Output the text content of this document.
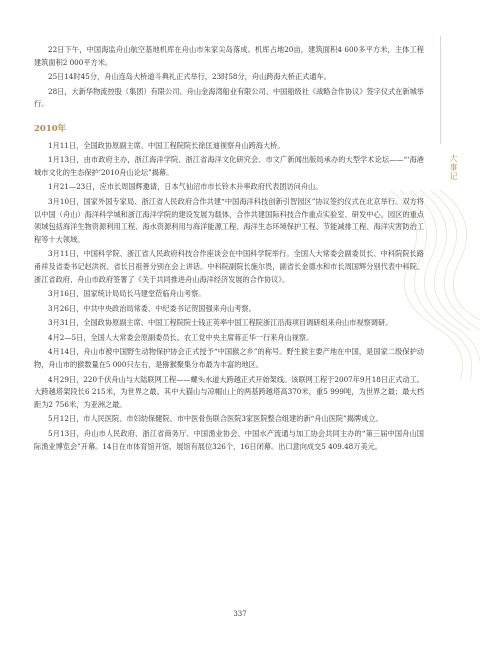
大事记

22日下午，中国海监舟山航空基地机库在舟山市朱家尖岛落成。机库占地20亩，建筑面积4 600多平方米，主体工程建筑面积2 000平方米。

25日14时45分，舟山连岛大桥道斗典礼正式举行，23时58分，舟山跨海大桥正式通车。

28日，大新华物流控股（集团）有限公司、舟山金海湾船业有限公司、中国船级社《战略合作协议》签字仪式在新城举行。

2010年

1月11日，全国政协原副主席、中国工程院院长徐匡迪视察舟山跨海大桥。

1月13日，由市政府主办，浙江海洋学院、浙江省海洋文化研究会、市文广新闻出版局承办的大型学术论坛——“‘海港城市文化的生态保护’2010舟山论坛”揭幕。

1月21—23日，应市长周国辉邀请，日本气仙沼市市长铃木升率政府代表团访问舟山。

3月10日，国家外国专家局、浙江省人民政府合作共建“中国海洋科技创新引智园区”协议签约仪式在北京举行。双方将以中国（舟山）海洋科学城和浙江海洋学院的建设发展为载体，合作共建国际科技合作重点实验室、研发中心。园区的重点领域包括海洋生物资源利用工程、海水资源利用与海洋能源工程、海洋生态环境保护工程、节能减排工程、海洋灾害防治工程等十大领域。

3月11日，中国科学院、浙江省人民政府科技合作座谈会在中国科学院举行。全国人大常委会副委员长、中科院院长路甬祥及省委书记赵洪祝、省长吕祖善分别在会上讲话。中科院副院长施尔畏，副省长金德水和市长周国辉分别代表中科院、浙江省政府、舟山市政府签署了《关于共同推进舟山海洋经济发展的合作协议》。

3月16日，国家统计局局长马建堂莅临舟山考察。

3月26日，中共中央政治局常委、中纪委书记贺国强来舟山考察。

3月31日，全国政协原副主席、中国工程院院士钱正英率中国工程院浙江沿海项目调研组来舟山市视察调研。

4月2—5日，全国人大常委会原副委员长、农工党中央主席蒋正华一行来舟山视察。

4月14日，舟山市被中国野生动物保护协会正式授予“中国猴之乡”的称号。野生猴主要产地在中国，是国家二级保护动物，舟山市的猴数量在5 000只左右，是猕猴聚集分布最为丰富的地区。

4月29日，220千伏舟山与大陆联网工程——螺头水道大跨越正式开始架线。该联网工程于2007年9月18日正式动工。大跨越塔架段长6 215米，为世界之最。其中大猫山与凉帽山上的两基跨越塔高370米，重5 999吨，为世界之最；最大档距为2 756米，为亚洲之最。

5月12日，市人民医院、市妇幼保健院、市中医骨伤联合医院3家医院整合组建的新“舟山医院”揭牌成立。

5月13日，舟山市人民政府、浙江省商务厅、中国渔业协会、中国水产流通与加工协会共同主办的“第三届中国舟山国际渔业博览会”开幕。14日在市体育馆开馆，展馆有展位326个，16日闭幕。出口意向成交5 409.48万美元。

337
